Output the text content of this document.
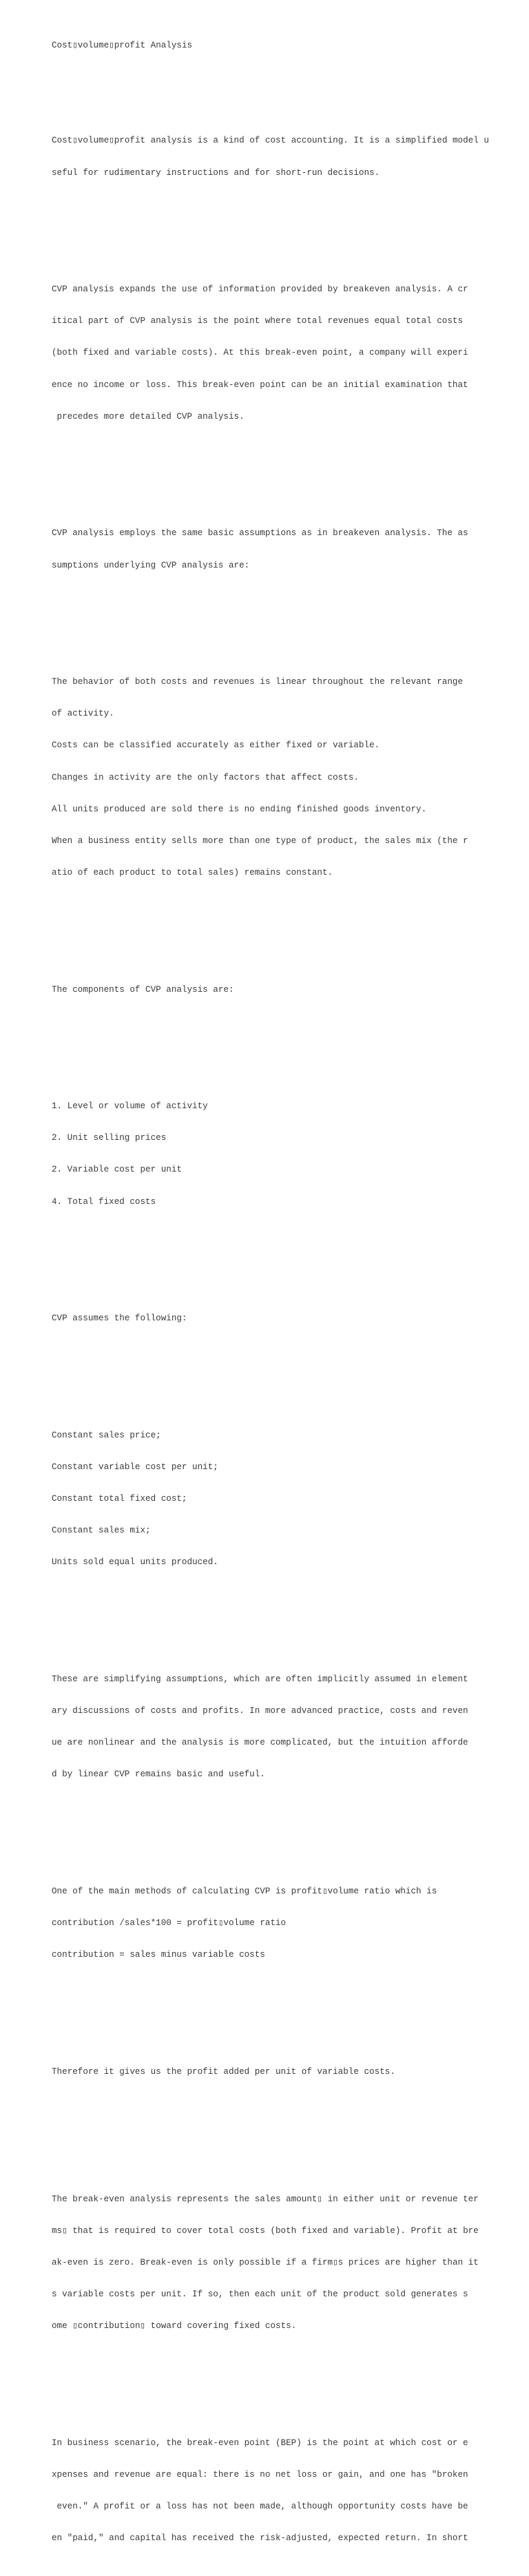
Cost▯volume▯profit Analysis

Cost▯volume▯profit analysis is a kind of cost accounting. It is a simplified model u

seful for rudimentary instructions and for short-run decisions.

CVP analysis expands the use of information provided by breakeven analysis. A cr

itical part of CVP analysis is the point where total revenues equal total costs

(both fixed and variable costs). At this break-even point, a company will experi

ence no income or loss. This break-even point can be an initial examination that

precedes more detailed CVP analysis.

CVP analysis employs the same basic assumptions as in breakeven analysis. The as

sumptions underlying CVP analysis are:

The behavior of both costs and revenues is linear throughout the relevant range

of activity.

Costs can be classified accurately as either fixed or variable.

Changes in activity are the only factors that affect costs.

All units produced are sold there is no ending finished goods inventory.

When a business entity sells more than one type of product, the sales mix (the r

atio of each product to total sales) remains constant.

The components of CVP analysis are:

1. Level or volume of activity

2. Unit selling prices

2. Variable cost per unit

4. Total fixed costs

CVP assumes the following:

Constant sales price;

Constant variable cost per unit;

Constant total fixed cost;

Constant sales mix;

Units sold equal units produced.

These are simplifying assumptions, which are often implicitly assumed in element

ary discussions of costs and profits. In more advanced practice, costs and reven

ue are nonlinear and the analysis is more complicated, but the intuition afforde

d by linear CVP remains basic and useful.

One of the main methods of calculating CVP is profit▯volume ratio which is

contribution /sales*100 = profit▯volume ratio

contribution = sales minus variable costs

Therefore it gives us the profit added per unit of variable costs.

The break-even analysis represents the sales amount▯ in either unit or revenue ter

ms▯ that is required to cover total costs (both fixed and variable). Profit at bre

ak-even is zero. Break-even is only possible if a firm▯s prices are higher than it

s variable costs per unit. If so, then each unit of the product sold generates s

ome ▯contribution▯ toward covering fixed costs.

In business scenario, the break-even point (BEP) is the point at which cost or e

xpenses and revenue are equal: there is no net loss or gain, and one has "broken

even." A profit or a loss has not been made, although opportunity costs have be

en "paid," and capital has received the risk-adjusted, expected return. In short
